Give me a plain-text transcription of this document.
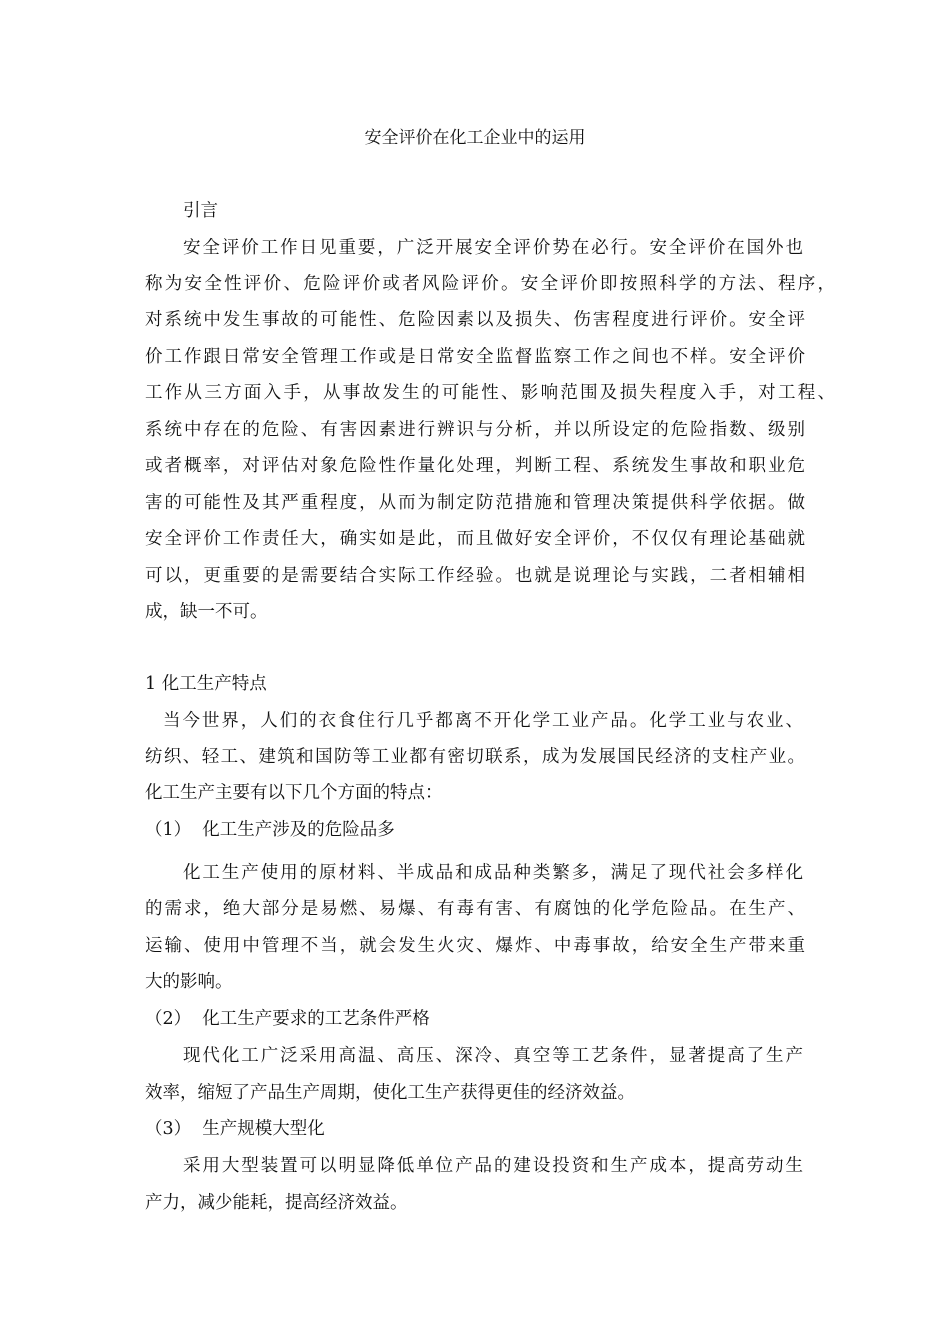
安全评价在化工企业中的运用
引言
安全评价工作日见重要，广泛开展安全评价势在必行。安全评价在国外也
称为安全性评价、危险评价或者风险评价。安全评价即按照科学的方法、程序，
对系统中发生事故的可能性、危险因素以及损失、伤害程度进行评价。安全评
价工作跟日常安全管理工作或是日常安全监督监察工作之间也不样。安全评价
工作从三方面入手，从事故发生的可能性、影响范围及损失程度入手，对工程、
系统中存在的危险、有害因素进行辨识与分析，并以所设定的危险指数、级别
或者概率，对评估对象危险性作量化处理，判断工程、系统发生事故和职业危
害的可能性及其严重程度，从而为制定防范措施和管理决策提供科学依据。做
安全评价工作责任大，确实如是此，而且做好安全评价，不仅仅有理论基础就
可以，更重要的是需要结合实际工作经验。也就是说理论与实践，二者相辅相
成，缺一不可。
1 化工生产特点
当今世界，人们的衣食住行几乎都离不开化学工业产品。化学工业与农业、
纺织、轻工、建筑和国防等工业都有密切联系，成为发展国民经济的支柱产业。
化工生产主要有以下几个方面的特点：
（1）  化工生产涉及的危险品多
化工生产使用的原材料、半成品和成品种类繁多，满足了现代社会多样化
的需求，绝大部分是易燃、易爆、有毒有害、有腐蚀的化学危险品。在生产、
运输、使用中管理不当，就会发生火灾、爆炸、中毒事故，给安全生产带来重
大的影响。
（2）  化工生产要求的工艺条件严格
现代化工广泛采用高温、高压、深冷、真空等工艺条件，显著提高了生产
效率，缩短了产品生产周期，使化工生产获得更佳的经济效益。
（3）  生产规模大型化
采用大型装置可以明显降低单位产品的建设投资和生产成本，提高劳动生
产力，减少能耗，提高经济效益。
